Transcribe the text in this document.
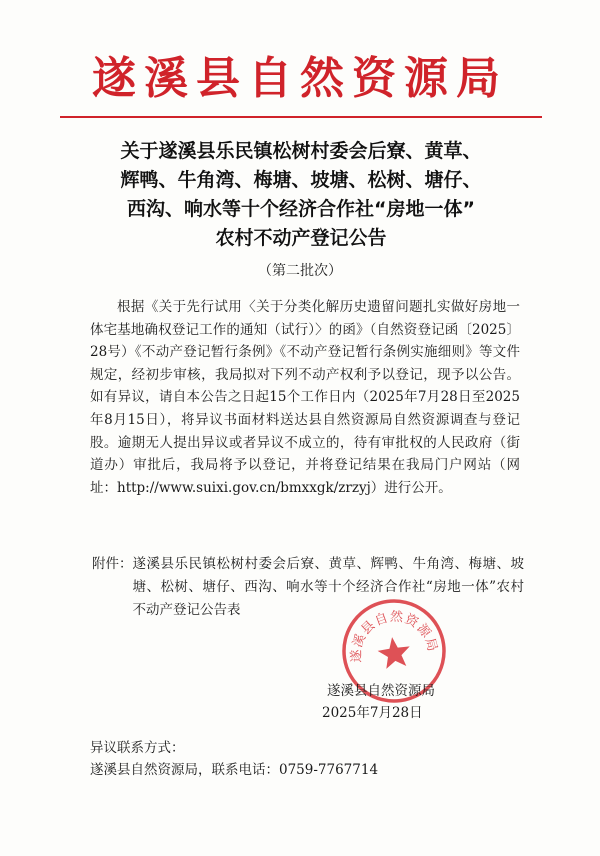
遂溪县自然资源局
关于遂溪县乐民镇松树村委会后寮、黄草、
辉鸭、牛角湾、梅塘、坡塘、松树、塘仔、
西沟、响水等十个经济合作社“房地一体”
农村不动产登记公告
（第二批次）

根据《关于先行试用〈关于分类化解历史遗留问题扎实做好房地一体宅基地确权登记工作的通知（试行）〉的函》（自然资登记函〔2025〕28号）《不动产登记暂行条例》《不动产登记暂行条例实施细则》等文件规定，经初步审核，我局拟对下列不动产权利予以登记，现予以公告。如有异议，请自本公告之日起15个工作日内（2025年7月28日至2025年8月15日），将异议书面材料送达县自然资源局自然资源调查与登记股。逾期无人提出异议或者异议不成立的，待有审批权的人民政府（街道办）审批后，我局将予以登记，并将登记结果在我局门户网站（网址：http://www.suixi.gov.cn/bmxxgk/zrzyj）进行公开。

附件： 遂溪县乐民镇松树村委会后寮、黄草、辉鸭、牛角湾、梅塘、坡塘、松树、塘仔、西沟、响水等十个经济合作社“房地一体”农村不动产登记公告表
遂溪县自然资源局
遂溪县自然资源局
2025年7月28日
异议联系方式：
遂溪县自然资源局，联系电话：0759-7767714
